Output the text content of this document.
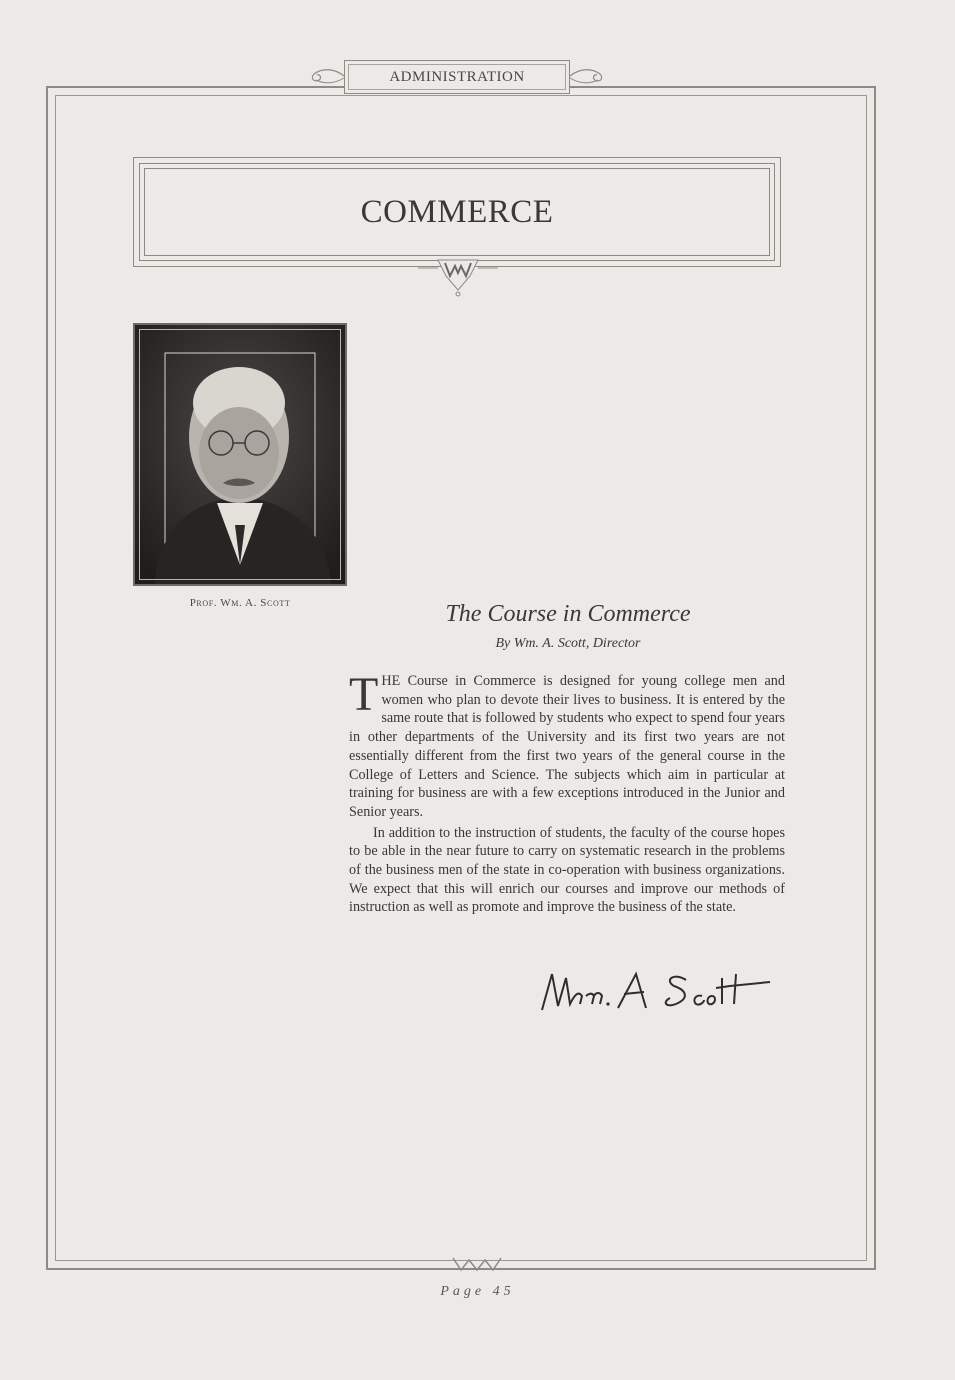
ADMINISTRATION
COMMERCE
Prof. Wm. A. Scott	The Course in Commerce
By Wm. A. Scott, Director

THE Course in Commerce is designed for young college men and women who plan to devote their lives to business. It is entered by the same route that is followed by students who expect to spend four years in other departments of the University and its first two years are not essentially different from the first two years of the general course in the College of Letters and Science. The subjects which aim in particular at training for business are with a few exceptions introduced in the Junior and Senior years.

In addition to the instruction of students, the faculty of the course hopes to be able in the near future to carry on systematic research in the problems of the business men of the state in co-operation with business organizations. We expect that this will enrich our courses and improve our methods of instruction as well as promote and improve the business of the state.

Page 45
